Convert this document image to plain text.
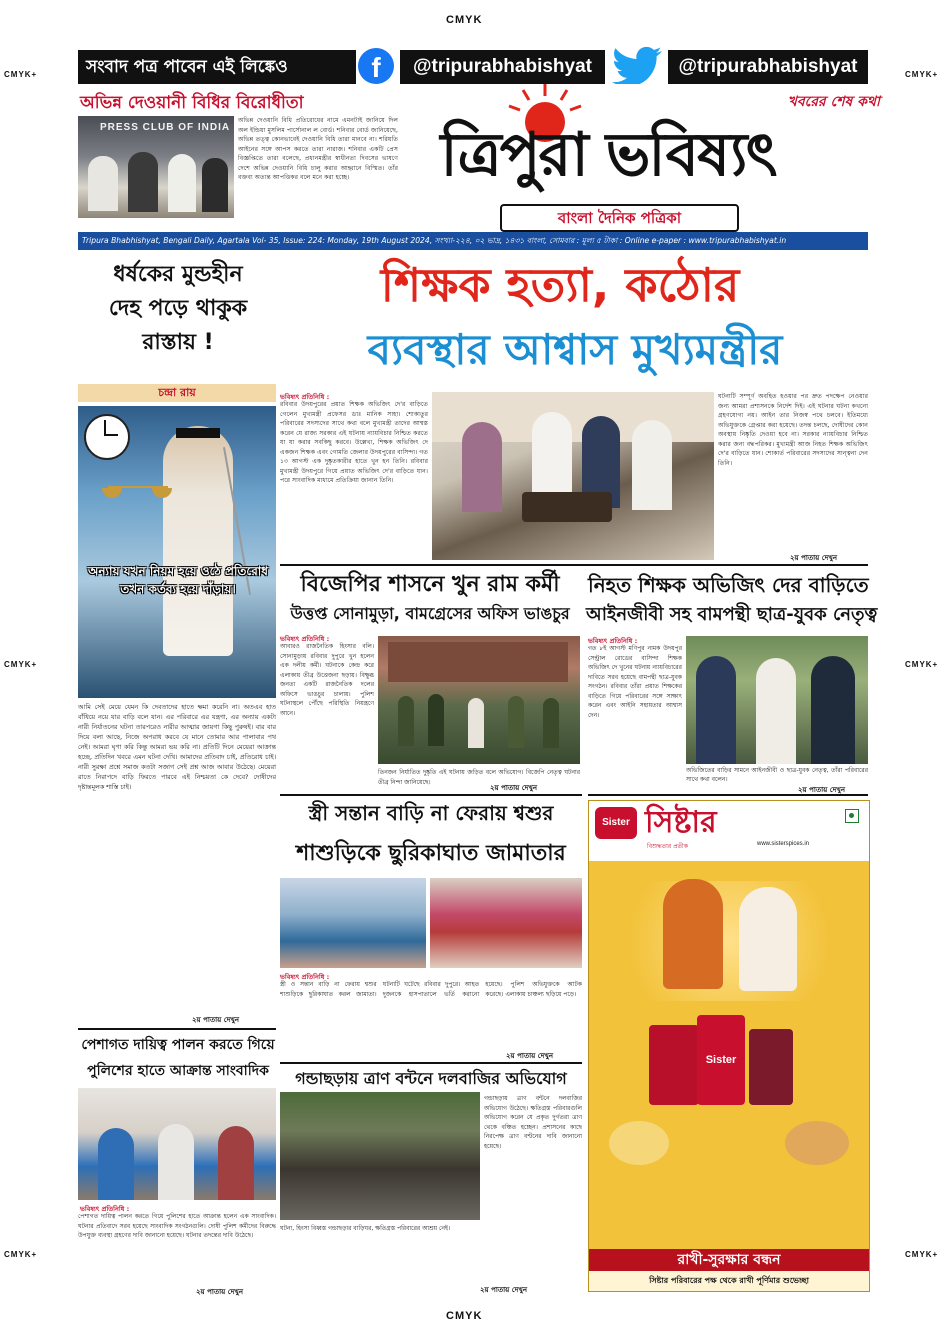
CMYK
CMYK
CMYK+
CMYK+
CMYK+
CMYK+
CMYK+
CMYK+
সংবাদ পত্র পাবেন এই লিঙ্কেও	f	@tripurabhabishyat	@tripurabhabishyat
অভিন্ন দেওয়ানী বিধির বিরোধীতা
PRESS CLUB OF INDIA
অভিন্ন দেওয়ানি বিধি প্রতিরোধের নামে এমনটাই জানিয়ে দিল অল ইন্ডিয়া মুসলিম পার্সোনাল ল বোর্ড। শনিবার বোর্ড জানিয়েছে, অভিন্ন তত্ত্ব কোনভাবেই দেওয়ানি বিধি তারা মানবে না। শরিয়তি আইনের সঙ্গে আপস করতে তারা নারাজ। শনিবার একটি প্রেস বিজ্ঞপ্তিতে তারা বলেছে, প্রধানমন্ত্রীর স্বাধীনতা দিবসের ভাষণে দেশে অভিন্ন দেওয়ানি বিধি চালু করার আহ্বানে বিস্মিত। তাঁর বক্তব্য অত্যন্ত আপত্তিকর বলে মনে করা হচ্ছে।	ত্রিপুরা ভবিষ্যৎ
খবরের শেষ কথা
বাংলা দৈনিক পত্রিকা
Tripura Bhabhishyat, Bengali Daily, Agartala Vol- 35, Issue: 224: Monday, 19th August 2024, সংখ্যা-২২৪, ০২ ভাদ্র, ১৪৩১ বাংলা, সোমবার : মূল্য ৫ টাকা : Online e-paper : www.tripurabhabishyat.in
ধর্ষকের মুন্ডহীন
দেহ পড়ে থাকুক
রাস্তায় !
চন্দ্রা রায়
অন্যায় যখন নিয়ম হয়ে ওঠে প্রতিরোধ তখন কর্তব্য হয়ে দাঁড়ায়।
আমি সেই মেয়ে যেমন কি দেবতাদের হাতে ক্ষমা করেনি না। অতএব হাত বাঁধিয়ে নয়ে যার বাড়ি বলে যান। এর পরিবারে এর যন্ত্রণা, এর অন্যায় একটা নারী নির্যাতনের ঘটনা তারপরেও নারীর আত্মার জায়গা কিছু পুরুষই। বার বার দিয়ে বলা আছে, নিজে অপরাধ করবে যে মানে তোমার আর পালাবার পথ নেই। আমরা ঘৃণা করি কিন্তু আমরা ভয় করি না। প্রতিটি দিনে মেয়েরা আক্রান্ত হচ্ছে, প্রতিদিন খবরে এমন ঘটনা দেখি। আমাদের প্রতিবাদ চাই, প্রতিরোধ চাই। নারী সুরক্ষা প্রশ্নে সমাজ কতটা সজাগ সেই প্রশ্ন আজ আবার উঠেছে। মেয়েরা রাতে নিরাপদে বাড়ি ফিরতে পারবে এই নিশ্চয়তা কে দেবে? দোষীদের দৃষ্টান্তমূলক শাস্তি চাই।
২য় পাতায় দেখুন
শিক্ষক হত্যা, কঠোর
ব্যবস্থার আশ্বাস মুখ্যমন্ত্রীর
ভবিষ্যৎ প্রতিনিধি :
রবিবার উদয়পুরের প্রয়াত শিক্ষক অভিজিৎ দে'র বাড়িতে গেলেন মুখ্যমন্ত্রী প্রফেসর ডাঃ মানিক সাহা। শোকাতুর পরিবারের সদস্যদের সাথে কথা বলে মুখ্যমন্ত্রী তাদের আশ্বস্ত করেন যে রাজ্য সরকার এই ঘটনায় ন্যায়বিচার নিশ্চিত করতে যা যা করার সবকিছু করবে। উল্লেখ্য, শিক্ষক অভিজিৎ দে একজন শিক্ষক এবং গোমতি জেলার উদয়পুরের বাসিন্দা। গত ১৩ আগস্ট এক দুষ্কৃতকারীর হাতে খুন হন তিনি। রবিবার মুখ্যমন্ত্রী উদয়পুরে গিয়ে প্রয়াত অভিজিৎ দে'র বাড়িতে যান। পরে সাংবাদিক মাধ্যমে প্রতিক্রিয়া জানান তিনি।
ঘটনাটি সম্পূর্ণ অবহিত হওয়ার পর দ্রুত পদক্ষেপ নেওয়ার জন্য আমরা প্রশাসনকে নির্দেশ দিই। এই ঘটনার ঘটনা কখনো গ্রহণযোগ্য নয়। আইন তার নিজস্ব পথে চলবে। ইতিমধ্যে অভিযুক্তকে গ্রেপ্তার করা হয়েছে। তদন্ত চলছে, দোষীদের কোন অবস্থায় নিষ্কৃতি দেওয়া হবে না। সরকার ন্যায়বিচার নিশ্চিত করার জন্য বদ্ধপরিকর। মুখ্যমন্ত্রী আজ নিহত শিক্ষক অভিজিৎ দে'র বাড়িতে যান। শোকার্ত পরিবারের সদস্যদের সান্ত্বনা দেন তিনি।
২য় পাতায় দেখুন
বিজেপির শাসনে খুন রাম কর্মী
উত্তপ্ত সোনামুড়া, বামগ্রেসের অফিস ভাঙচুর
ভবিষ্যৎ প্রতিনিধি :
আবারও রাজনৈতিক হিংসার বলি। সোনামুড়ায় রবিবার দুপুরে খুন হলেন এক দলীয় কর্মী। ঘটনাকে কেন্দ্র করে এলাকায় তীব্র উত্তেজনা ছড়ায়। বিক্ষুব্ধ জনতা একটি রাজনৈতিক দলের অফিসে ভাঙচুর চালায়। পুলিশ ঘটনাস্থলে পৌঁছে পরিস্থিতি নিয়ন্ত্রণে আনে।
তিনজন নির্যাতিত দুষ্কৃতি এই ঘটনায় জড়িত বলে অভিযোগ। বিজেপি নেতৃত্ব ঘটনার তীব্র নিন্দা জানিয়েছে।
২য় পাতায় দেখুন
নিহত শিক্ষক অভিজিৎ দের বাড়িতে
আইনজীবী সহ বামপন্থী ছাত্র-যুবক নেতৃত্ব
ভবিষ্যৎ প্রতিনিধি :
গত ৮ই আগস্ট মণিপুর নামক উদয়পুর সেন্ট্রাল রোডের বাসিন্দা শিক্ষক অভিজিৎ দে খুনের ঘটনায় ন্যায়বিচারের দাবিতে সরব হয়েছে বামপন্থী ছাত্র-যুবক সংগঠন। রবিবার তাঁরা প্রয়াত শিক্ষকের বাড়িতে গিয়ে পরিবারের সঙ্গে সাক্ষাৎ করেন এবং আইনি সহায়তার আশ্বাস দেন।
অভিজিতের বাড়ির সামনে আইনজীবী ও ছাত্র-যুবক নেতৃত্ব, তাঁরা পরিবারের সাথে কথা বলেন।
২য় পাতায় দেখুন
স্ত্রী সন্তান বাড়ি না ফেরায় শ্বশুর
শাশুড়িকে ছুরিকাঘাত জামাতার
ভবিষ্যৎ প্রতিনিধি :
স্ত্রী ও সন্তান বাড়ি না ফেরায় শ্বশুর শাশুড়িকে ছুরিকাঘাত করল জামাতা। ঘটনাটি ঘটেছে রবিবার দুপুরে। আহত দুজনকে হাসপাতালে ভর্তি করানো হয়েছে। পুলিশ অভিযুক্তকে আটক করেছে। এলাকায় চাঞ্চল্য ছড়িয়ে পড়ে।
২য় পাতায় দেখুন
পেশাগত দায়িত্ব পালন করতে গিয়ে
পুলিশের হাতে আক্রান্ত সাংবাদিক
ভবিষ্যৎ প্রতিনিধি :
পেশাগত দায়িত্ব পালন করতে গিয়ে পুলিশের হাতে আক্রান্ত হলেন এক সাংবাদিক। ঘটনার প্রতিবাদে সরব হয়েছে সাংবাদিক সংগঠনগুলি। দোষী পুলিশ কর্মীদের বিরুদ্ধে উপযুক্ত ব্যবস্থা গ্রহণের দাবি জানানো হয়েছে। ঘটনার তদন্তের দাবি উঠেছে।
২য় পাতায় দেখুন
গন্ডাছড়ায় ত্রাণ বন্টনে দলবাজির অভিযোগ
গন্ডাছড়ায় ত্রাণ বন্টনে দলবাজির অভিযোগ উঠেছে। ক্ষতিগ্রস্ত পরিবারগুলি অভিযোগ করেন যে প্রকৃত দুর্গতরা ত্রাণ থেকে বঞ্চিত হচ্ছেন। প্রশাসনের কাছে নিরপেক্ষ ত্রাণ বণ্টনের দাবি জানানো হয়েছে।
ঘটনা, হিংসা বিধ্বস্ত গন্ডাছড়ার বাড়িঘর, ক্ষতিগ্রস্ত পরিবারের আশ্রয় নেই।
২য় পাতায় দেখুন
Sister সিষ্টার
বিশুদ্ধতার প্রতীক	www.sisterspices.in
Sister
রাখী-সুরক্ষার বন্ধন
সিষ্টার পরিবারের পক্ষ থেকে রাখী পূর্ণিমার শুভেচ্ছা
